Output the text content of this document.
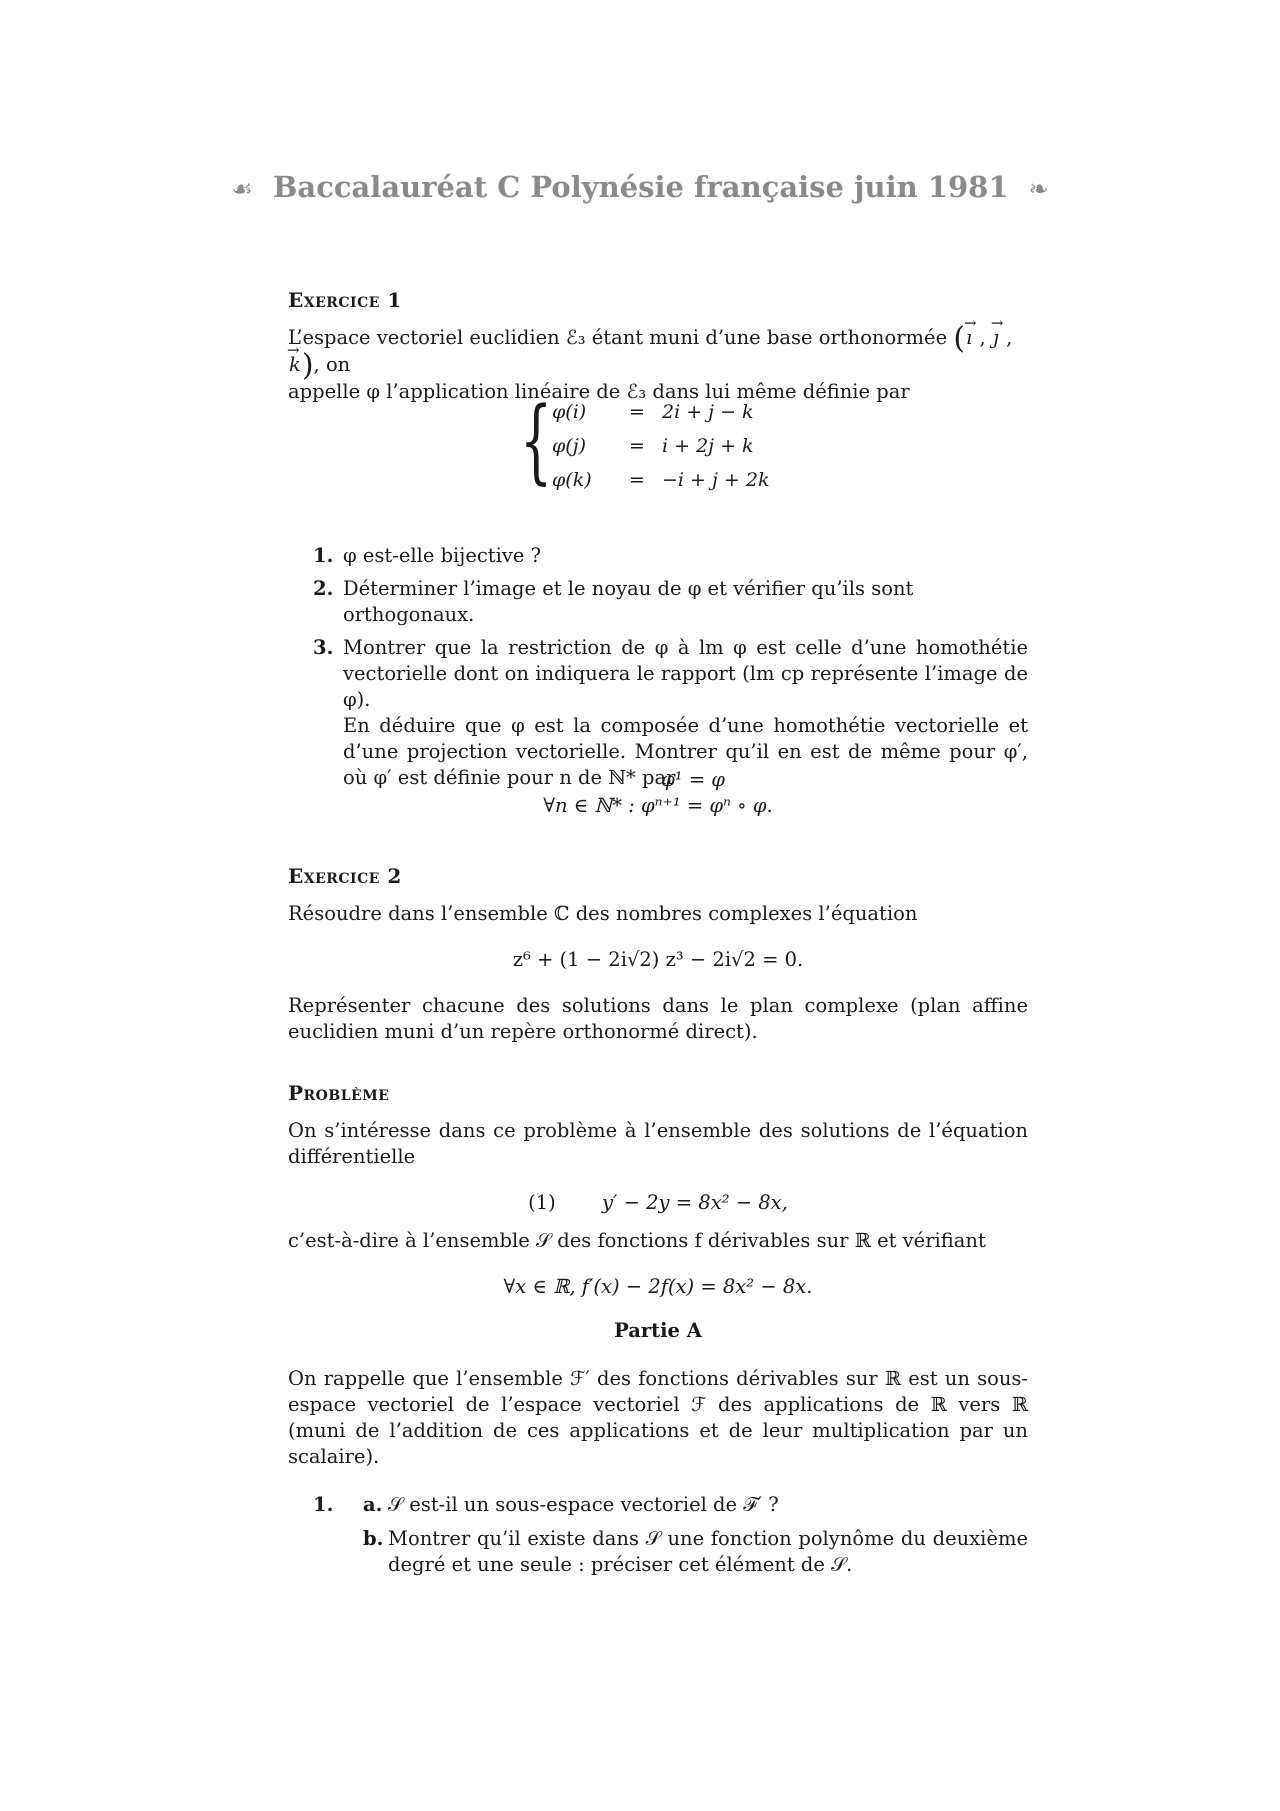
☙ Baccalauréat C Polynésie française juin 1981 ❧

Exercice 1

L’espace vectoriel euclidien ℰ₃ étant muni d’une base orthonormée (→ ı , → ȷ , → k), on

appelle φ l’application linéaire de ℰ₃ dans lui même définie par

{ φ(i) = 2i + j − k
φ(j) = i + 2j + k
φ(k) = −i + j + 2k
1. φ est-elle bijective ?
2. Déterminer l’image et le noyau de φ et vérifier qu’ils sont orthogonaux.
3. Montrer que la restriction de φ à lm φ est celle d’une homothétie vectorielle dont on indiquera le rapport (lm cp représente l’image de φ).

En déduire que φ est la composée d’une homothétie vectorielle et d’une projection vectorielle. Montrer qu’il en est de même pour φ′, où φ′ est définie pour n de ℕ* par

φ¹ = φ

∀n ∈ ℕ* : φⁿ⁺¹ = φⁿ ∘ φ.

Exercice 2

Résoudre dans l’ensemble ℂ des nombres complexes l’équation

z⁶ + (1 − 2i√2) z³ − 2i√2 = 0.

Représenter chacune des solutions dans le plan complexe (plan affine euclidien muni d’un repère orthonormé direct).

Problème

On s’intéresse dans ce problème à l’ensemble des solutions de l’équation différentielle

(1) y′ − 2y = 8x² − 8x,

c’est-à-dire à l’ensemble 𝒮 des fonctions f dérivables sur ℝ et vérifiant

∀x ∈ ℝ, f′(x) − 2f(x) = 8x² − 8x.

Partie A

On rappelle que l’ensemble ℱ′ des fonctions dérivables sur ℝ est un sous-espace vectoriel de l’espace vectoriel ℱ des applications de ℝ vers ℝ (muni de l’addition de ces applications et de leur multiplication par un scalaire).

1. a. 𝒮 est-il un sous-espace vectoriel de ℱ′ ?
b. Montrer qu’il existe dans 𝒮 une fonction polynôme du deuxième degré et une seule : préciser cet élément de 𝒮.
